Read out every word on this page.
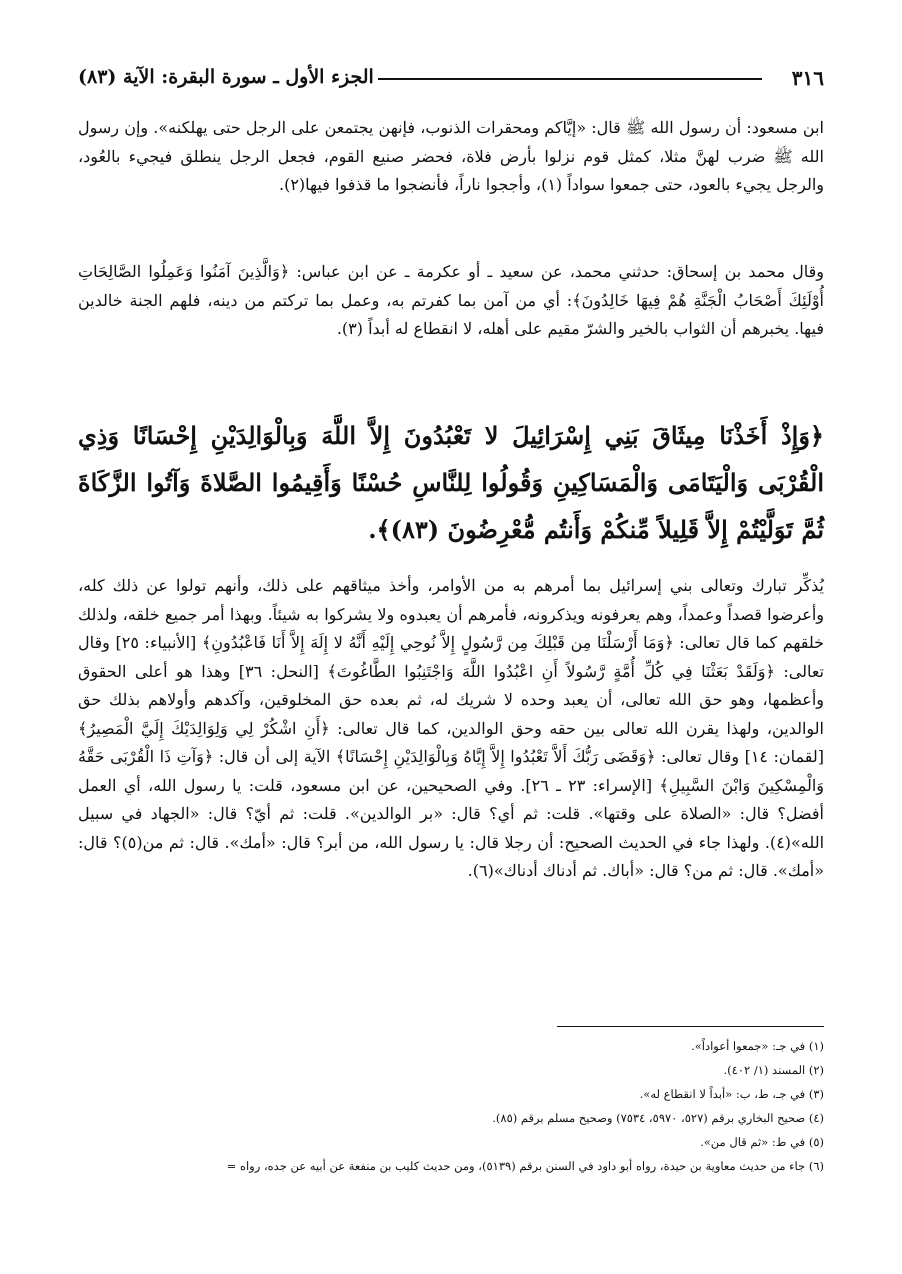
٣١٦
الجزء الأول ـ سورة البقرة: الآية (٨٣)

ابن مسعود: أن رسول الله ﷺ قال: «إيَّاكم ومحقرات الذنوب، فإنهن يجتمعن على الرجل حتى يهلكنه». وإن رسول الله ﷺ ضرب لهنَّ مثلا، كمثل قوم نزلوا بأرض فلاة، فحضر صنيع القوم، فجعل الرجل ينطلق فيجيء بالعُود، والرجل يجيء بالعود، حتى جمعوا سواداً (١)، وأججوا ناراً، فأنضجوا ما قذفوا فيها(٢).

وقال محمد بن إسحاق: حدثني محمد، عن سعيد ـ أو عكرمة ـ عن ابن عباس: ﴿وَالَّذِينَ آمَنُوا وَعَمِلُوا الصَّالِحَاتِ أُوْلَئِكَ أَصْحَابُ الْجَنَّةِ هُمْ فِيهَا خَالِدُونَ﴾: أي من آمن بما كفرتم به، وعمل بما تركتم من دينه، فلهم الجنة خالدين فيها. يخبرهم أن الثواب بالخير والشرّ مقيم على أهله، لا انقطاع له أبداً (٣).

﴿وَإِذْ أَخَذْنَا مِيثَاقَ بَنِي إِسْرَائِيلَ لا تَعْبُدُونَ إِلاَّ اللَّهَ وَبِالْوَالِدَيْنِ إِحْسَانًا وَذِي الْقُرْبَى وَالْيَتَامَى وَالْمَسَاكِينِ وَقُولُوا لِلنَّاسِ حُسْنًا وَأَقِيمُوا الصَّلاةَ وَآتُوا الزَّكَاةَ ثُمَّ تَوَلَّيْتُمْ إِلاَّ قَلِيلاً مِّنكُمْ وَأَنتُم مُّعْرِضُونَ (٨٣)﴾.

يُذكِّر تبارك وتعالى بني إسرائيل بما أمرهم به من الأوامر، وأخذ ميثاقهم على ذلك، وأنهم تولوا عن ذلك كله، وأعرضوا قصداً وعمداً، وهم يعرفونه ويذكرونه، فأمرهم أن يعبدوه ولا يشركوا به شيئاً. وبهذا أمر جميع خلقه، ولذلك خلقهم كما قال تعالى: ﴿وَمَا أَرْسَلْنَا مِن قَبْلِكَ مِن رَّسُولٍ إِلاَّ نُوحِي إِلَيْهِ أَنَّهُ لا إِلَهَ إِلاَّ أَنَا فَاعْبُدُونِ﴾ [الأنبياء: ٢٥] وقال تعالى: ﴿وَلَقَدْ بَعَثْنَا فِي كُلِّ أُمَّةٍ رَّسُولاً أَنِ اعْبُدُوا اللَّهَ وَاجْتَنِبُوا الطَّاغُوتَ﴾ [النحل: ٣٦] وهذا هو أعلى الحقوق وأعظمها، وهو حق الله تعالى، أن يعبد وحده لا شريك له، ثم بعده حق المخلوقين، وآكدهم وأولاهم بذلك حق الوالدين، ولهذا يقرن الله تعالى بين حقه وحق الوالدين، كما قال تعالى: ﴿أَنِ اشْكُرْ لِي وَلِوَالِدَيْكَ إِلَيَّ الْمَصِيرُ﴾ [لقمان: ١٤] وقال تعالى: ﴿وَقَضَى رَبُّكَ أَلاَّ تَعْبُدُوا إِلاَّ إِيَّاهُ وَبِالْوَالِدَيْنِ إِحْسَانًا﴾ الآية إلى أن قال: ﴿وَآتِ ذَا الْقُرْبَى حَقَّهُ وَالْمِسْكِينَ وَابْنَ السَّبِيلِ﴾ [الإسراء: ٢٣ ـ ٢٦]. وفي الصحيحين، عن ابن مسعود، قلت: يا رسول الله، أي العمل أفضل؟ قال: «الصلاة على وقتها». قلت: ثم أي؟ قال: «بر الوالدين». قلت: ثم أيّ؟ قال: «الجهاد في سبيل الله»(٤). ولهذا جاء في الحديث الصحيح: أن رجلا قال: يا رسول الله، من أبر؟ قال: «أمك». قال: ثم من(٥)؟ قال: «أمك». قال: ثم من؟ قال: «أباك. ثم أدناك أدناك»(٦).

(١) في جـ: «جمعوا أعواداً».
(٢) المسند (١/ ٤٠٢).
(٣) في جـ، ط، ب: «أبداً لا انقطاع له».
(٤) صحيح البخاري برقم (٥٢٧، ٥٩٧٠، ٧٥٣٤) وصحيح مسلم برقم (٨٥).
(٥) في ط: «ثم قال من».
(٦) جاء من حديث معاوية بن حيدة، رواه أبو داود في السنن برقم (٥١٣٩)، ومن حديث كليب بن منفعة عن أبيه عن جده، رواه =
